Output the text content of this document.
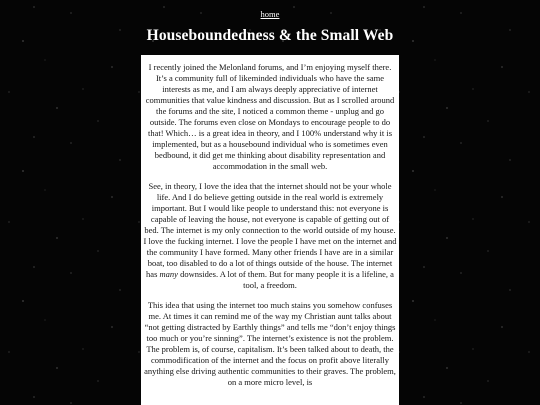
home
Houseboundedness & the Small Web

I recently joined the Melonland forums, and I’m enjoying myself there. It’s a community full of likeminded individuals who have the same interests as me, and I am always deeply appreciative of internet communities that value kindness and discussion. But as I scrolled around the forums and the site, I noticed a common theme - unplug and go outside. The forums even close on Mondays to encourage people to do that! Which… is a great idea in theory, and I 100% understand why it is implemented, but as a housebound individual who is sometimes even bedbound, it did get me thinking about disability representation and accommodation in the small web.

See, in theory, I love the idea that the internet should not be your whole life. And I do believe getting outside in the real world is extremely important. But I would like people to understand this: not everyone is capable of leaving the house, not everyone is capable of getting out of bed. The internet is my only connection to the world outside of my house. I love the fucking internet. I love the people I have met on the internet and the community I have formed. Many other friends I have are in a similar boat, too disabled to do a lot of things outside of the house. The internet has many downsides. A lot of them. But for many people it is a lifeline, a tool, a freedom.

This idea that using the internet too much stains you somehow confuses me. At times it can remind me of the way my Christian aunt talks about “not getting distracted by Earthly things” and tells me “don’t enjoy things too much or you’re sinning”. The internet’s existence is not the problem. The problem is, of course, capitalism. It’s been talked about to death, the commodification of the internet and the focus on profit above literally anything else driving authentic communities to their graves. The problem, on a more micro level, is
